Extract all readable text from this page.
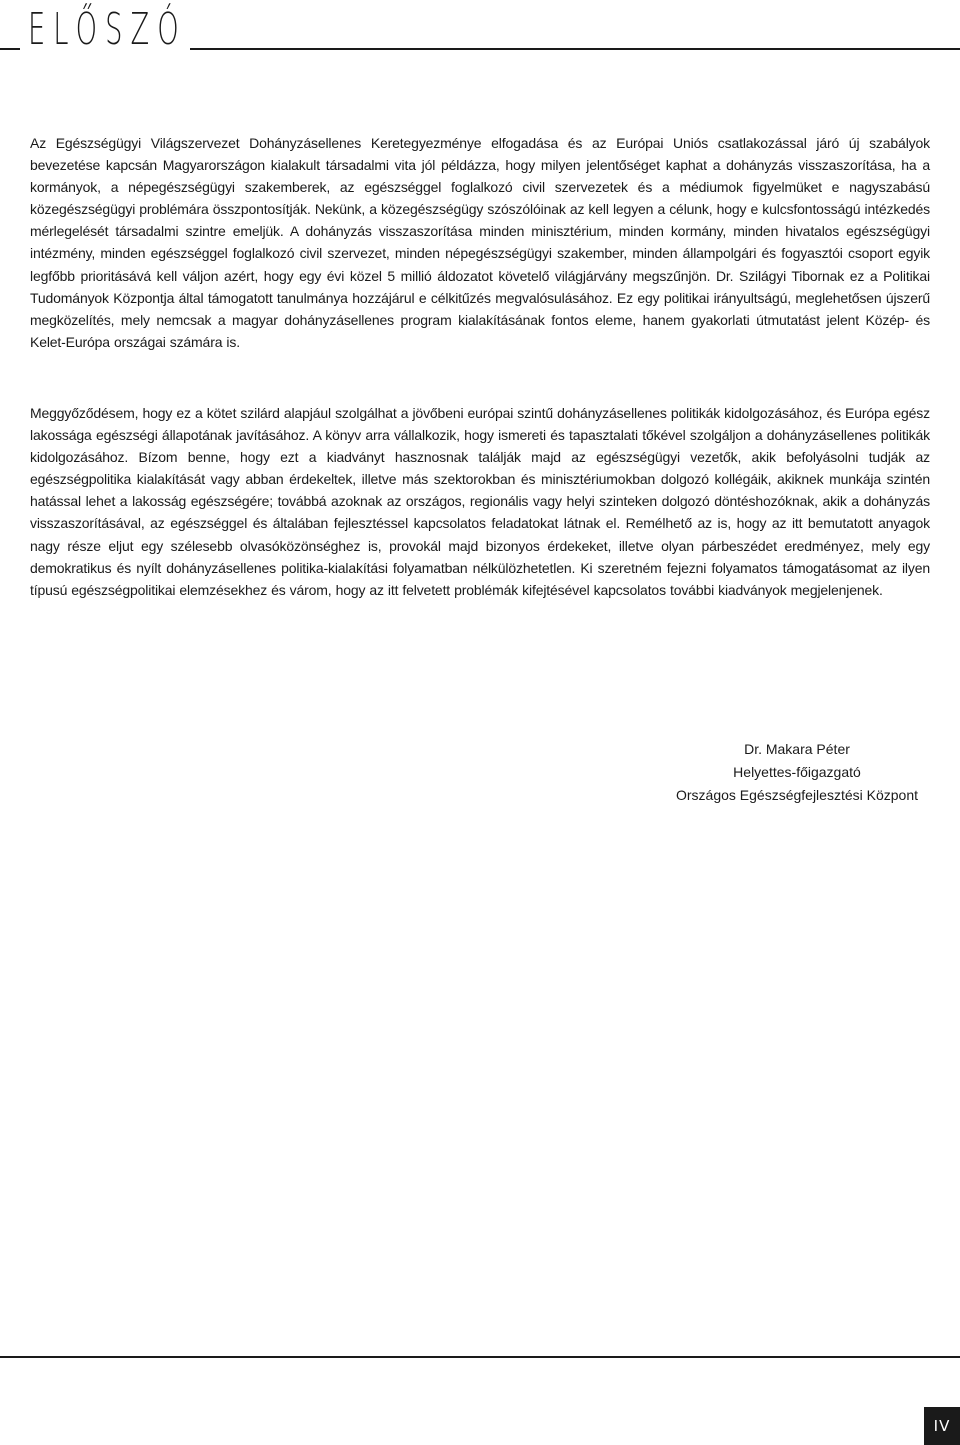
ELŐSZÓ

Az Egészségügyi Világszervezet Dohányzásellenes Keretegyezménye elfogadása és az Európai Uniós csatlakozással járó új szabályok bevezetése kapcsán Magyarországon kialakult társadalmi vita jól példázza, hogy milyen jelentőséget kaphat a dohányzás visszaszorítása, ha a kormányok, a népegészségügyi szakemberek, az egészséggel foglalkozó civil szervezetek és a médiumok figyelmüket e nagyszabású közegészségügyi problémára összpontosítják. Nekünk, a közegészségügy szószólóinak az kell legyen a célunk, hogy e kulcsfontosságú intézkedés mérlegelését társadalmi szintre emeljük. A dohányzás visszaszorítása minden minisztérium, minden kormány, minden hivatalos egészségügyi intézmény, minden egészséggel foglalkozó civil szervezet, minden népegészségügyi szakember, minden állampolgári és fogyasztói csoport egyik legfőbb prioritásává kell váljon azért, hogy egy évi közel 5 millió áldozatot követelő világjárvány megszűnjön. Dr. Szilágyi Tibornak ez a Politikai Tudományok Központja által támogatott tanulmánya hozzájárul e célkitűzés megvalósulásához. Ez egy politikai irányultságú, meglehetősen újszerű megközelítés, mely nemcsak a magyar dohányzásellenes program kialakításának fontos eleme, hanem gyakorlati útmutatást jelent Közép- és Kelet-Európa országai számára is.

Meggyőződésem, hogy ez a kötet szilárd alapjául szolgálhat a jövőbeni európai szintű dohányzásellenes politikák kidolgozásához, és Európa egész lakossága egészségi állapotának javításához. A könyv arra vállalkozik, hogy ismereti és tapasztalati tőkével szolgáljon a dohányzásellenes politikák kidolgozásához. Bízom benne, hogy ezt a kiadványt hasznosnak találják majd az egészségügyi vezetők, akik befolyásolni tudják az egészségpolitika kialakítását vagy abban érdekeltek, illetve más szektorokban és minisztériumokban dolgozó kollégáik, akiknek munkája szintén hatással lehet a lakosság egészségére; továbbá azoknak az országos, regionális vagy helyi szinteken dolgozó döntéshozóknak, akik a dohányzás visszaszorításával, az egészséggel és általában fejlesztéssel kapcsolatos feladatokat látnak el. Remélhető az is, hogy az itt bemutatott anyagok nagy része eljut egy szélesebb olvasóközönséghez is, provokál majd bizonyos érdekeket, illetve olyan párbeszédet eredményez, mely egy demokratikus és nyílt dohányzásellenes politika-kialakítási folyamatban nélkülözhetetlen. Ki szeretném fejezni folyamatos támogatásomat az ilyen típusú egészségpolitikai elemzésekhez és várom, hogy az itt felvetett problémák kifejtésével kapcsolatos további kiadványok megjelenjenek.

Dr. Makara Péter
Helyettes-főigazgató
Országos Egészségfejlesztési Központ
IV
